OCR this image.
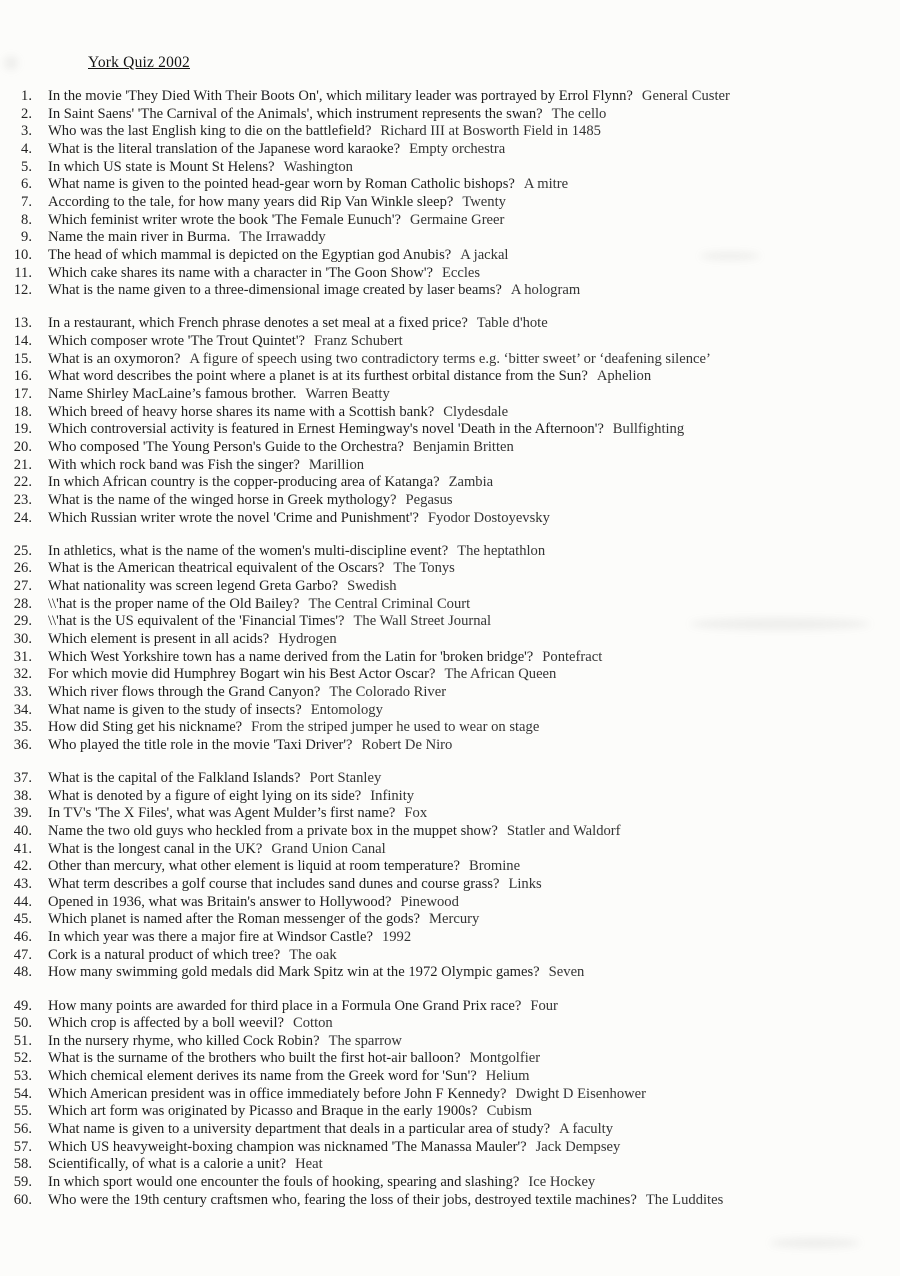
York Quiz 2002
1. In the movie 'They Died With Their Boots On', which military leader was portrayed by Errol Flynn? General Custer
2. In Saint Saens' 'The Carnival of the Animals', which instrument represents the swan? The cello
3. Who was the last English king to die on the battlefield? Richard III at Bosworth Field in 1485
4. What is the literal translation of the Japanese word karaoke? Empty orchestra
5. In which US state is Mount St Helens? Washington
6. What name is given to the pointed head-gear worn by Roman Catholic bishops? A mitre
7. According to the tale, for how many years did Rip Van Winkle sleep? Twenty
8. Which feminist writer wrote the book 'The Female Eunuch'? Germaine Greer
9. Name the main river in Burma. The Irrawaddy
10. The head of which mammal is depicted on the Egyptian god Anubis? A jackal
11. Which cake shares its name with a character in 'The Goon Show'? Eccles
12. What is the name given to a three-dimensional image created by laser beams? A hologram
13. In a restaurant, which French phrase denotes a set meal at a fixed price? Table d'hote
14. Which composer wrote 'The Trout Quintet'? Franz Schubert
15. What is an oxymoron? A figure of speech using two contradictory terms e.g. ‘bitter sweet’ or ‘deafening silence’
16. What word describes the point where a planet is at its furthest orbital distance from the Sun? Aphelion
17. Name Shirley MacLaine’s famous brother. Warren Beatty
18. Which breed of heavy horse shares its name with a Scottish bank? Clydesdale
19. Which controversial activity is featured in Ernest Hemingway's novel 'Death in the Afternoon'? Bullfighting
20. Who composed 'The Young Person's Guide to the Orchestra? Benjamin Britten
21. With which rock band was Fish the singer? Marillion
22. In which African country is the copper-producing area of Katanga? Zambia
23. What is the name of the winged horse in Greek mythology? Pegasus
24. Which Russian writer wrote the novel 'Crime and Punishment'? Fyodor Dostoyevsky
25. In athletics, what is the name of the women's multi-discipline event? The heptathlon
26. What is the American theatrical equivalent of the Oscars? The Tonys
27. What nationality was screen legend Greta Garbo? Swedish
28. \\'hat is the proper name of the Old Bailey? The Central Criminal Court
29. \\'hat is the US equivalent of the 'Financial Times'? The Wall Street Journal
30. Which element is present in all acids? Hydrogen
31. Which West Yorkshire town has a name derived from the Latin for 'broken bridge'? Pontefract
32. For which movie did Humphrey Bogart win his Best Actor Oscar? The African Queen
33. Which river flows through the Grand Canyon? The Colorado River
34. What name is given to the study of insects? Entomology
35. How did Sting get his nickname? From the striped jumper he used to wear on stage
36. Who played the title role in the movie 'Taxi Driver'? Robert De Niro
37. What is the capital of the Falkland Islands? Port Stanley
38. What is denoted by a figure of eight lying on its side? Infinity
39. In TV's 'The X Files', what was Agent Mulder’s first name? Fox
40. Name the two old guys who heckled from a private box in the muppet show? Statler and Waldorf
41. What is the longest canal in the UK? Grand Union Canal
42. Other than mercury, what other element is liquid at room temperature? Bromine
43. What term describes a golf course that includes sand dunes and course grass? Links
44. Opened in 1936, what was Britain's answer to Hollywood? Pinewood
45. Which planet is named after the Roman messenger of the gods? Mercury
46. In which year was there a major fire at Windsor Castle? 1992
47. Cork is a natural product of which tree? The oak
48. How many swimming gold medals did Mark Spitz win at the 1972 Olympic games? Seven
49. How many points are awarded for third place in a Formula One Grand Prix race? Four
50. Which crop is affected by a boll weevil? Cotton
51. In the nursery rhyme, who killed Cock Robin? The sparrow
52. What is the surname of the brothers who built the first hot-air balloon? Montgolfier
53. Which chemical element derives its name from the Greek word for 'Sun'? Helium
54. Which American president was in office immediately before John F Kennedy? Dwight D Eisenhower
55. Which art form was originated by Picasso and Braque in the early 1900s? Cubism
56. What name is given to a university department that deals in a particular area of study? A faculty
57. Which US heavyweight-boxing champion was nicknamed 'The Manassa Mauler'? Jack Dempsey
58. Scientifically, of what is a calorie a unit? Heat
59. In which sport would one encounter the fouls of hooking, spearing and slashing? Ice Hockey
60. Who were the 19th century craftsmen who, fearing the loss of their jobs, destroyed textile machines? The Luddites
